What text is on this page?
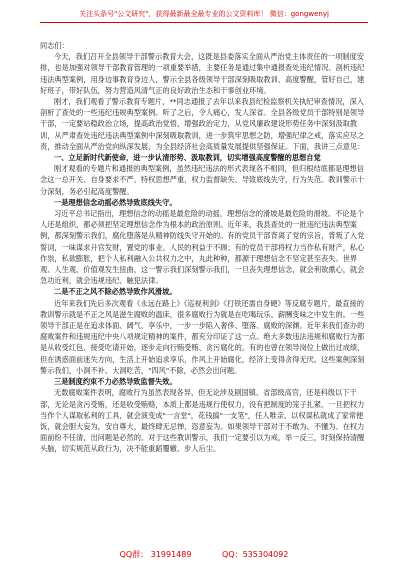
关注头条号"公文研究"，获得最新最全最专业的公文资料库！ 微信：gongwenyj

同志们：

今天，我们召开全县领导干部警示教育大会，这既是县委落实全面从严治党主体责任的一项制度安排，也是加强对领导干部教育管理的一项重要举措，主要任务是通过集中通报查处违纪情况、剖析违纪违法典型案例，用身边事教育身边人，警示全县各级领导干部深刻吸取教训、高度警醒，管好自己，建好班子，带好队伍，努力营造风清气正的良好政治生态和干事创业环境。

刚才，我们观看了警示教育专题片，**同志通报了去年以来我县纪检监察机关执纪审查情况，深入剖析了查处的一些违纪违规典型案例。听了之后，令人痛心，发人深省。全县各级党员干部特别是领导干部，一定要站稳政治立场，提高政治觉悟，增强政治定力，从党风廉政建设形势任务中深刻汲取教训，从严肃查处违纪违法典型案例中深刻吸取教训，进一步筑牢思想之防，增强纪律之戒，落实应尽之责，推动全面从严治党向纵深发展，为全县经济社会高质量发展提供坚强保证。下面，我讲三点意见：

一、立足新时代新使命，进一步认清形势、汲取教训，切实增强高度警醒的思想自觉

刚才观看的专题片和通报的典型案例，虽然违纪违法的形式表现各不相同，但归根结底都是理想信念这一总开关、自身要求不严、特权思想严重，权力监督缺失、导致底线失守，行为失范。教训警示十分深刻，务必引起高度警醒。

一是理想信念动摇必然导致底线失守。

习近平总书记指出，理想信念的动摇是最危险的动摇，理想信念的滑坡是最危险的滑坡。不论是个人还是组织，都必须把坚定理想信念作为根本的政治原则。近年来，我县查处的一批违纪违法典型案例，都深刻警示我们，腐化堕落是从精神防线失守开始的。有的党员干部背离了党的宗旨，背叛了入党誓词，一味谋求升官发财，置党的事业、人民的利益于不顾；有的党员干部将权力当作私有财产，私心作祟，私欲膨胀，把个人私利融入公共权力之中，丸此种种，都源于理想信念不坚定甚至丧失。世界观、人生观、价值观发生扭曲，这一警示我们深刻警示我们，一旦丧失理想信念，就会利欲熏心，就会急功近利，就会违规违纪、触犯法律。

二是不正之风不除必然导致作风滑坡。

近年来我们先后多次观看《永远在路上》《巡视利剑》《打铁还需自身硬》等反腐专题片，最直接的教训警示就是不正之风是滋生腐败的温床，很多腐败行为就是在吃喝玩乐、薪酬变味之中发生的。一些领导干部正是在追求体面、阔气、享乐中，一步一步陷入奢侈、堕落、腐败的深渊。近年来我们查办的腐败案件和违规违纪中央八项规定精神的案件，都充分印证了这一点。绝大多数违法违规和腐败行为都是从收受红包、接受吃请开始，逐步走向行贿受贿、贪污腐化的。有的也曾在领导岗位上做出过成绩，但在诱惑面前迷失方向，生活上开始追求享乐，作风上开始腐化，经济上变得贪得无厌。这些案例深刻警示我们，小洞不补、大洞吃苦，"四风"不除，必然会出问题。

三是制度约束不力必然导致监督失效。

无数腐败案件表明，腐败行为虽然表现各异，但无论涉及剧国镇、省部级高官，还是科级以下干部，无论是贪污受贿，还是收受贿赂，本质上都是违规行使权力，没有把制度的笼子扎紧。一旦把权力当作个人谋取私利的工具，就会演变成"一言堂"，花钱搞"一支笔"，任人唯亲，以权谋私就成了家常便饭，就会胆大妄为，安自尊大，最终肆无忌惮，恣意妄为。如果领导干部对于不敢为、不懂为、在权力面前纷不任清，出问题是必然的。对于这些教训警示，我们一定要引以为戒，举一反三，时刻保持清醒头脑，切实规范从政行为，决不能重蹈覆辙、步人后尘。

QQ群： 31991489	QQ：535304092
